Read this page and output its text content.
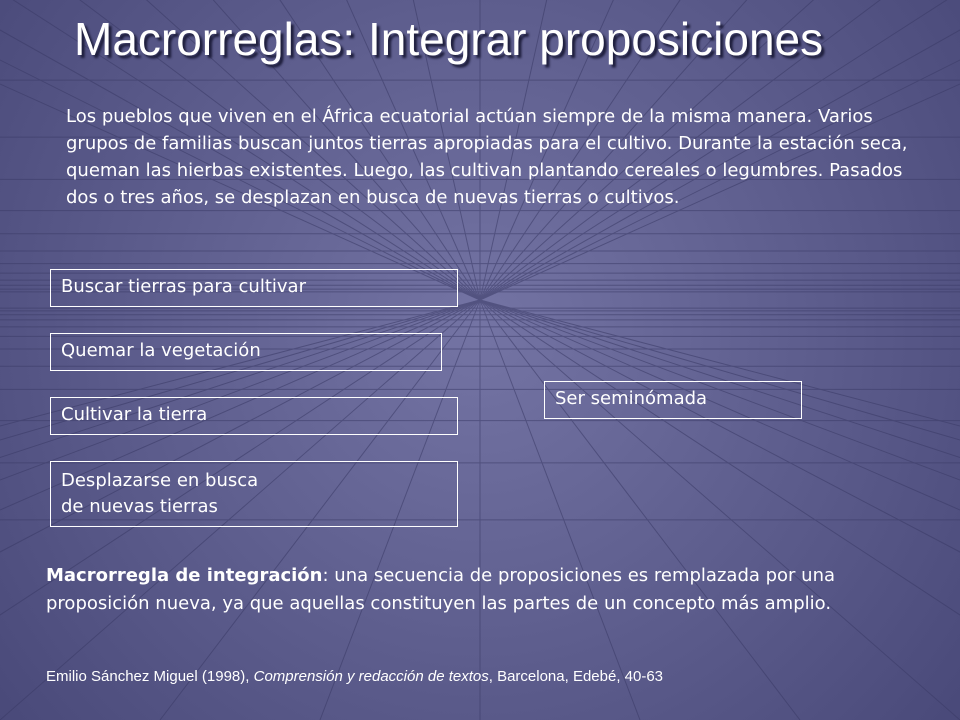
Macrorreglas: Integrar proposiciones

Los pueblos que viven en el África ecuatorial actúan siempre de la misma manera. Varios grupos de familias buscan juntos tierras apropiadas para el cultivo. Durante la estación seca, queman las hierbas existentes. Luego, las cultivan plantando cereales o legumbres. Pasados dos o tres años, se desplazan en busca de nuevas tierras o cultivos.

Buscar tierras para cultivar
Quemar la vegetación
Cultivar la tierra
Desplazarse en busca
de nuevas tierras
Ser seminómada

Macrorregla de integración: una secuencia de proposiciones es remplazada por una proposición nueva, ya que aquellas constituyen las partes de un concepto más amplio.

Emilio Sánchez Miguel (1998), Comprensión y redacción de textos, Barcelona, Edebé, 40-63
